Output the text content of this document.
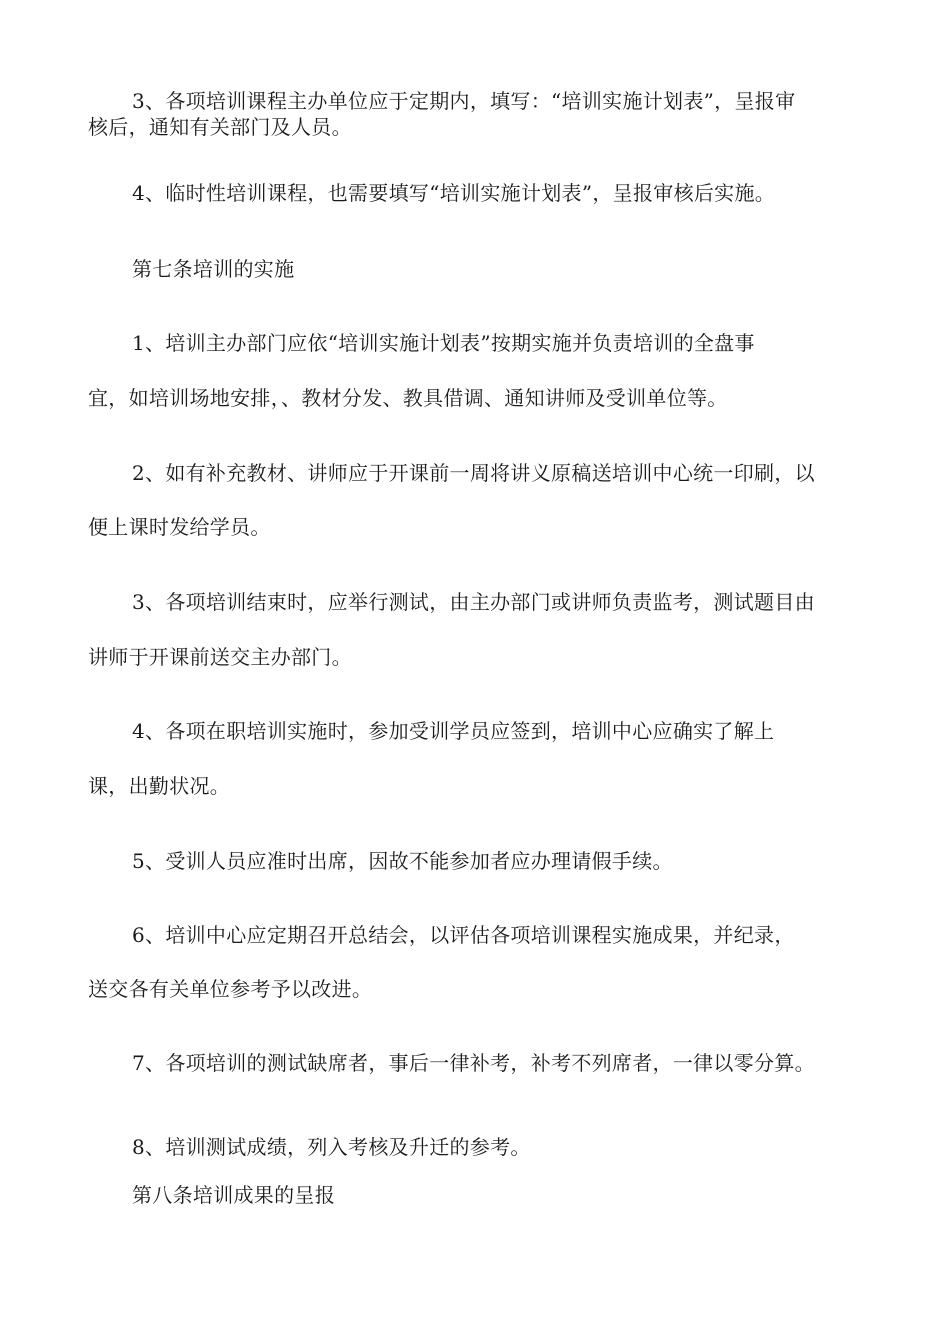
3、各项培训课程主办单位应于定期内，填写：“培训实施计划表”，呈报审
核后，通知有关部门及人员。
4、临时性培训课程，也需要填写“培训实施计划表”，呈报审核后实施。
第七条培训的实施
1、培训主办部门应依“培训实施计划表”按期实施并负责培训的全盘事
宜，如培训场地安排，、教材分发、教具借调、通知讲师及受训单位等。
2、如有补充教材、讲师应于开课前一周将讲义原稿送培训中心统一印刷，以
便上课时发给学员。
3、各项培训结束时，应举行测试，由主办部门或讲师负责监考，测试题目由
讲师于开课前送交主办部门。
4、各项在职培训实施时，参加受训学员应签到，培训中心应确实了解上
课，出勤状况。
5、受训人员应准时出席，因故不能参加者应办理请假手续。
6、培训中心应定期召开总结会，以评估各项培训课程实施成果，并纪录，
送交各有关单位参考予以改进。
7、各项培训的测试缺席者，事后一律补考，补考不列席者，一律以零分算。
8、培训测试成绩，列入考核及升迁的参考。
第八条培训成果的呈报
